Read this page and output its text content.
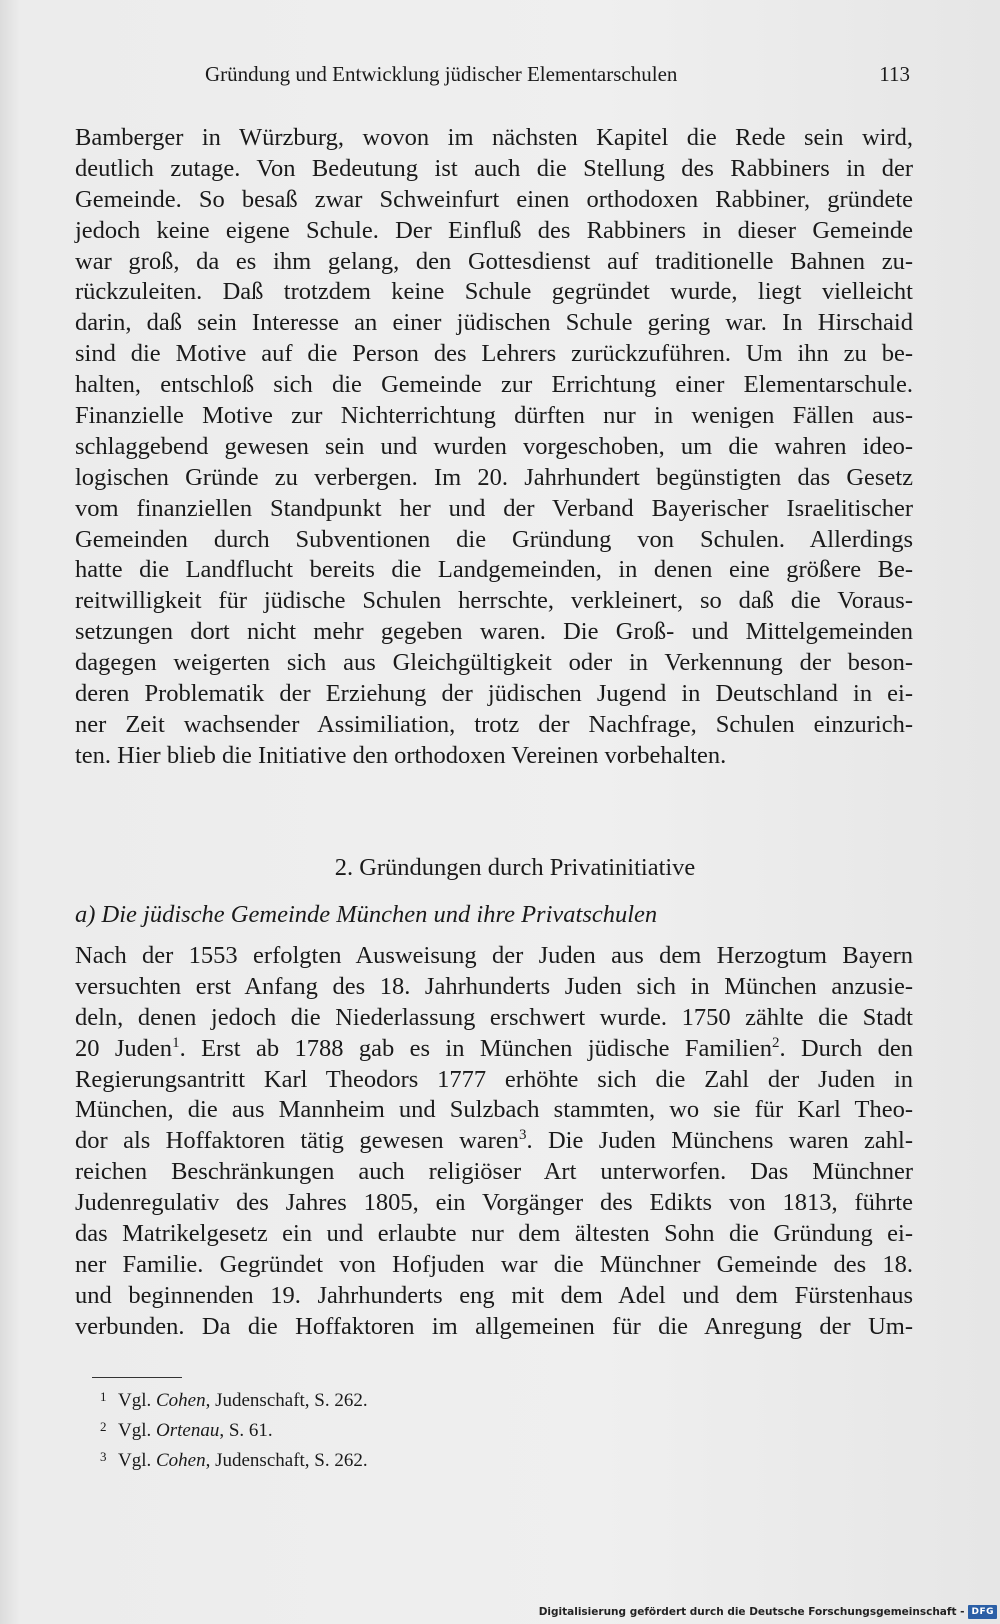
Gründung und Entwicklung jüdischer Elementarschulen	113
Bamberger in Würzburg, wovon im nächsten Kapitel die Rede sein wird,
deutlich zutage. Von Bedeutung ist auch die Stellung des Rabbiners in der
Gemeinde. So besaß zwar Schweinfurt einen orthodoxen Rabbiner, gründete
jedoch keine eigene Schule. Der Einfluß des Rabbiners in dieser Gemeinde
war groß, da es ihm gelang, den Gottesdienst auf traditionelle Bahnen zu-
rückzuleiten. Daß trotzdem keine Schule gegründet wurde, liegt vielleicht
darin, daß sein Interesse an einer jüdischen Schule gering war. In Hirschaid
sind die Motive auf die Person des Lehrers zurückzuführen. Um ihn zu be-
halten, entschloß sich die Gemeinde zur Errichtung einer Elementarschule.
Finanzielle Motive zur Nichterrichtung dürften nur in wenigen Fällen aus-
schlaggebend gewesen sein und wurden vorgeschoben, um die wahren ideo-
logischen Gründe zu verbergen. Im 20. Jahrhundert begünstigten das Gesetz
vom finanziellen Standpunkt her und der Verband Bayerischer Israelitischer
Gemeinden durch Subventionen die Gründung von Schulen. Allerdings
hatte die Landflucht bereits die Landgemeinden, in denen eine größere Be-
reitwilligkeit für jüdische Schulen herrschte, verkleinert, so daß die Voraus-
setzungen dort nicht mehr gegeben waren. Die Groß- und Mittelgemeinden
dagegen weigerten sich aus Gleichgültigkeit oder in Verkennung der beson-
deren Problematik der Erziehung der jüdischen Jugend in Deutschland in ei-
ner Zeit wachsender Assimiliation, trotz der Nachfrage, Schulen einzurich-
ten. Hier blieb die Initiative den orthodoxen Vereinen vorbehalten.
2. Gründungen durch Privatinitiative
a) Die jüdische Gemeinde München und ihre Privatschulen
Nach der 1553 erfolgten Ausweisung der Juden aus dem Herzogtum Bayern
versuchten erst Anfang des 18. Jahrhunderts Juden sich in München anzusie-
deln, denen jedoch die Niederlassung erschwert wurde. 1750 zählte die Stadt
20 Juden$^1$. Erst ab 1788 gab es in München jüdische Familien$^2$. Durch den
Regierungsantritt Karl Theodors 1777 erhöhte sich die Zahl der Juden in
München, die aus Mannheim und Sulzbach stammten, wo sie für Karl Theo-
dor als Hoffaktoren tätig gewesen waren$^3$. Die Juden Münchens waren zahl-
reichen Beschränkungen auch religiöser Art unterworfen. Das Münchner
Judenregulativ des Jahres 1805, ein Vorgänger des Edikts von 1813, führte
das Matrikelgesetz ein und erlaubte nur dem ältesten Sohn die Gründung ei-
ner Familie. Gegründet von Hofjuden war die Münchner Gemeinde des 18.
und beginnenden 19. Jahrhunderts eng mit dem Adel und dem Fürstenhaus
verbunden. Da die Hoffaktoren im allgemeinen für die Anregung der Um-
1 Vgl. Cohen, Judenschaft, S. 262.
2 Vgl. Ortenau, S. 61.
3 Vgl. Cohen, Judenschaft, S. 262.
Digitalisierung gefördert durch die Deutsche Forschungsgemeinschaft - DFG
